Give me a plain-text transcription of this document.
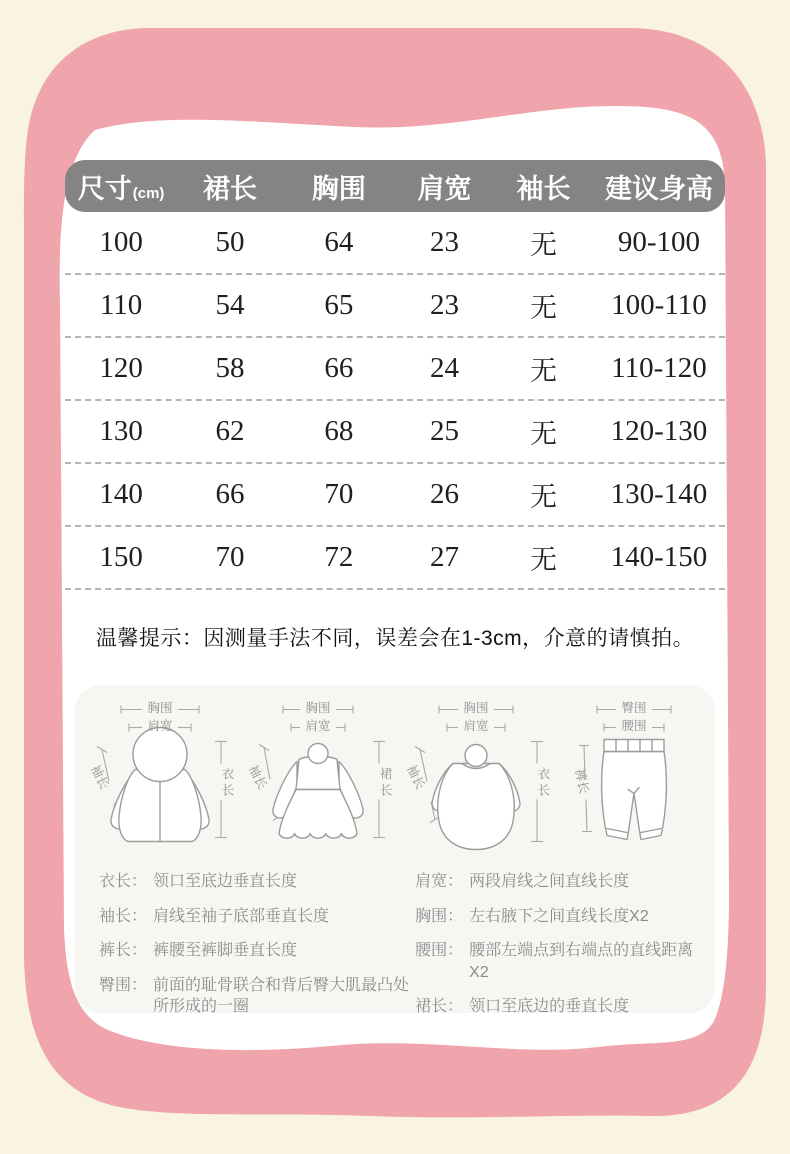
尺寸 (cm)	裙长	胸围	肩宽	袖长	建议身高
100	50	64	23	无	90-100
110	54	65	23	无	100-110
120	58	66	24	无	110-120
130	62	68	25	无	120-130
140	66	70	26	无	130-140
150	70	72	27	无	140-150
温馨提示：因测量手法不同，误差会在1-3cm，介意的请慎拍。
胸围
肩宽
袖长	衣长
胸围
肩宽
袖长	裙长
胸围
肩宽
袖长	衣长
臀围
腰围
裤长
衣长： 领口至底边垂直长度
袖长： 肩线至袖子底部垂直长度
裤长： 裤腰至裤脚垂直长度
臀围： 前面的耻骨联合和背后臀大肌最凸处所形成的一圈
肩宽： 两段肩线之间直线长度
胸围： 左右腋下之间直线长度X2
腰围： 腰部左端点到右端点的直线距离X2
裙长： 领口至底边的垂直长度
